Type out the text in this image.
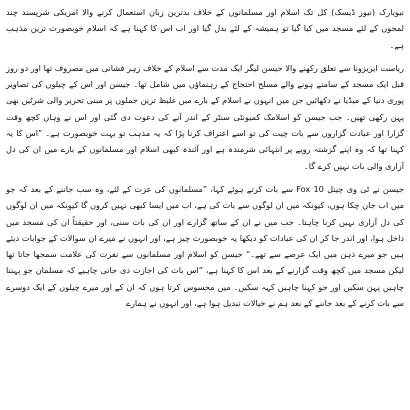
نیویارک (نیوز ڈیسک) کل تک اسلام اور مسلمانوں کے خلاف بدترین زبان استعمال کرنے والا امریکی شرپسند چند لمحوں کے لئے مسجد میں کیا گیا تو ہمیشہ کے لئے بدل گیا اور اب اس کا کہنا ہے کہ اسلام خوبصورت ترین مذہب ہے۔

ریاست ایریزونا سے تعلق رکھنے والا جیسن لیگر ایک مدت سے اسلام کے خلاف زہر فشانی میں مصروف تھا اور دو روز قبل ایک مسجد کے سامنے ہونے والے مسلح احتجاج کے رہنماؤں میں شامل تھا۔ جیسن اور اس کے چیلوں کی تصاویر پوری دنیا کے میڈیا نے دکھائیں جن میں انہوں نے اسلام کے بارے میں غلیظ ترین جملوں پر مبنی تحریر والی شرٹیں بھی پہن رکھی تھیں۔ جب جیسن کو اسلامک کمیونٹی سنٹر کے اندر آنے کی دعوت دی گئی اور اس نے وہاں کچھ وقت گزارا اور عبادت گزاروں سے بات چیت کی تو اسے اعتراف کرنا پڑا کہ یہ مذہب تو بہت خوبصورت ہے۔ ”اس کا یہ کہنا تھا کہ وہ اپنے گزشتہ رویے پر انتہائی شرمندہ ہے اور آئندہ کبھی اسلام اور مسلمانوں کے بارے میں ان کی دل آزاری والی بات نہیں کرے گا۔

جیسن نے ٹی وی چینل Fox 10 سے بات کرتے ہوئے کہا، ”مسلمانوں کی عزت کے لئے، وہ سب جاننے کے بعد کہ جو میں اب جان چکا ہوں، کیونکہ میں ان لوگوں سے بات کی ہے، اب میں ایسا کبھی نہیں کروں گا کیونکہ میں ان لوگوں کی دل آزاری نہیں کرنا چاہتا۔ جب میں نے ان کے ساتھ گزارے اور ان کی بات سنی، اور حقیقتاً ان کی مسجد میں داخل ہوا، اور اندر جا کر ان کی عبادات کو دیکھا یہ خوبصورت چیز ہے، اور انہوں نے میرے ان سوالات کے جوابات دیئے ہیں جو میرے ذہن میں ایک عرصے سے تھے۔“ جیسن کو اسلام اور مسلمانوں سے نفرت کی علامت سمجھا جاتا تھا لیکن مسجد میں کچھ وقت گزارنے کے بعد اس کا کہنا ہے، ”اس بات کی اجازت دی جانی چاہیے کہ مسلمان جو پہننا چاہیں پہن سکیں اور جو کہنا چاہیں کہہ سکیں۔ میں محسوس کرتا ہوں کہ ان کے اور میرے چیلوں کے ایک دوسرے سے بات کرنے کے بعد جاننے کے بعد ہم نے خیالات تبدیل ہوا ہے، اور انہوں نے ہمارے
